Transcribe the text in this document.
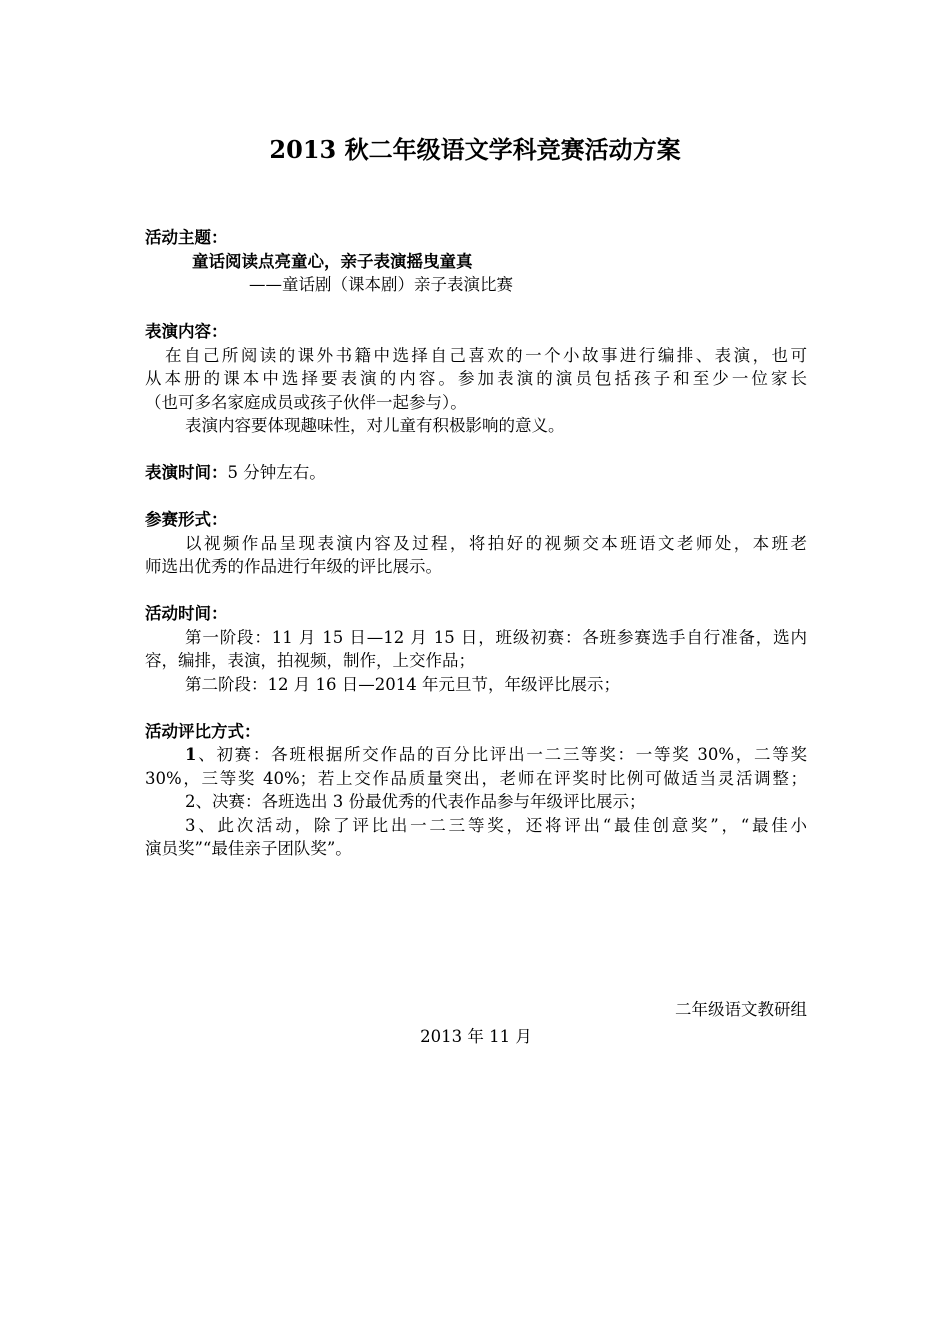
2013 秋二年级语文学科竞赛活动方案
活动主题：
童话阅读点亮童心，亲子表演摇曳童真
——童话剧（课本剧）亲子表演比赛
表演内容：
在自己所阅读的课外书籍中选择自己喜欢的一个小故事进行编排、表演，也可
从本册的课本中选择要表演的内容。参加表演的演员包括孩子和至少一位家长
（也可多名家庭成员或孩子伙伴一起参与）。
表演内容要体现趣味性，对儿童有积极影响的意义。
表演时间：5 分钟左右。
参赛形式：
以视频作品呈现表演内容及过程，将拍好的视频交本班语文老师处，本班老
师选出优秀的作品进行年级的评比展示。
活动时间：
第一阶段：11 月 15 日—12 月 15 日，班级初赛：各班参赛选手自行准备，选内
容，编排，表演，拍视频，制作，上交作品；
第二阶段：12 月 16 日—2014 年元旦节，年级评比展示；
活动评比方式：
1、初赛：各班根据所交作品的百分比评出一二三等奖：一等奖 30%，二等奖
30%，三等奖 40%；若上交作品质量突出，老师在评奖时比例可做适当灵活调整；
2、决赛：各班选出 3 份最优秀的代表作品参与年级评比展示；
3、此次活动，除了评比出一二三等奖，还将评出“最佳创意奖”，“最佳小
演员奖”“最佳亲子团队奖”。
二年级语文教研组
2013 年 11 月
